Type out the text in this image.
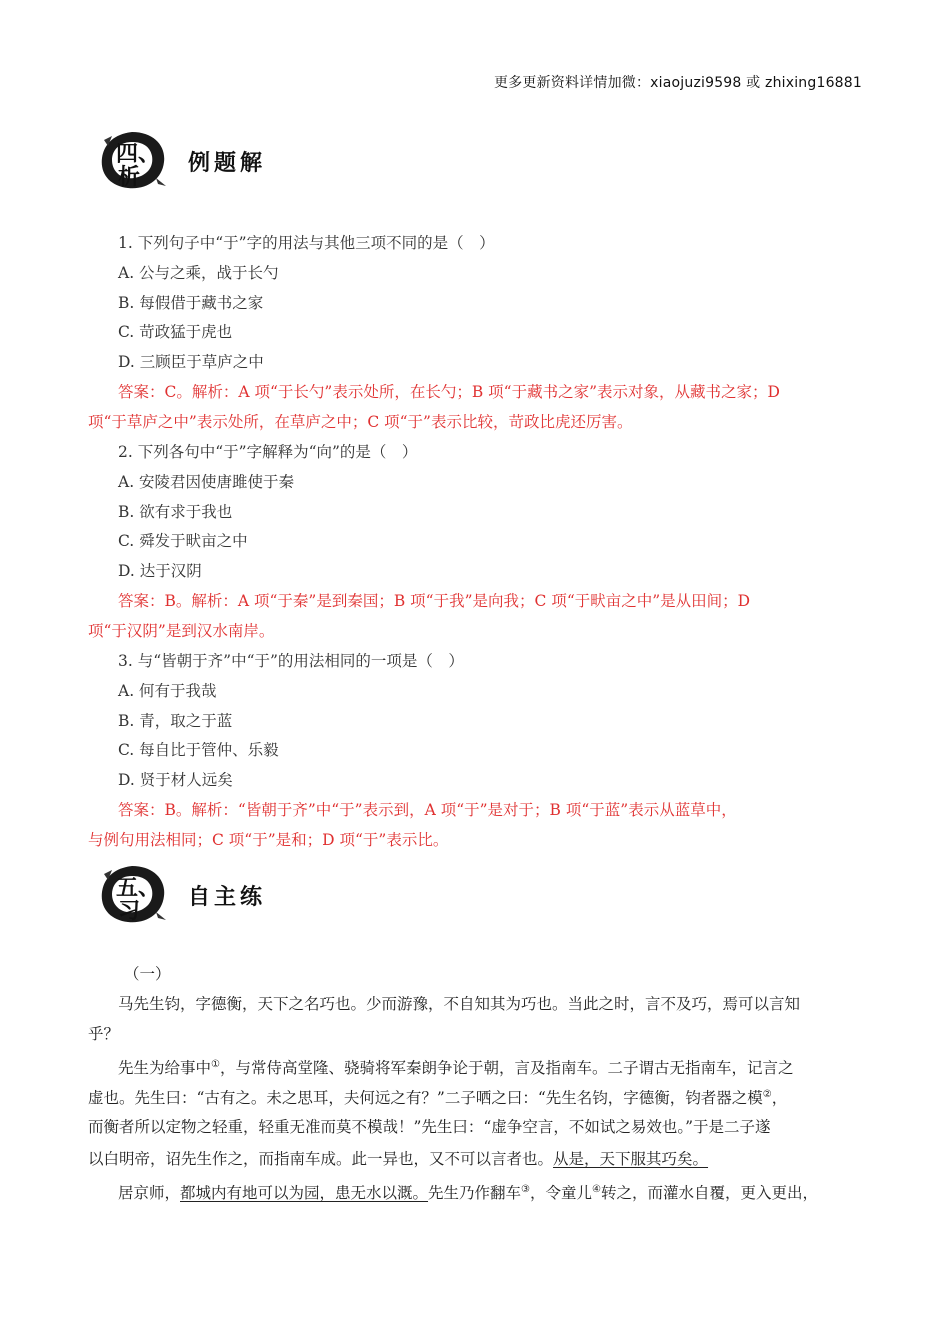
更多更新资料详情加微：xiaojuzi9598 或 zhixing16881
四、
析
例题解
1. 下列句子中“于”字的用法与其他三项不同的是（　）
A. 公与之乘，战于长勺
B. 每假借于藏书之家
C. 苛政猛于虎也
D. 三顾臣于草庐之中
答案：C。解析：A 项“于长勺”表示处所，在长勺；B 项“于藏书之家”表示对象，从藏书之家；D
项“于草庐之中”表示处所，在草庐之中；C 项“于”表示比较，苛政比虎还厉害。
2. 下列各句中“于”字解释为“向”的是（　）
A. 安陵君因使唐雎使于秦
B. 欲有求于我也
C. 舜发于畎亩之中
D. 达于汉阴
答案：B。解析：A 项“于秦”是到秦国；B 项“于我”是向我；C 项“于畎亩之中”是从田间；D
项“于汉阴”是到汉水南岸。
3. 与“皆朝于齐”中“于”的用法相同的一项是（　）
A. 何有于我哉
B. 青，取之于蓝
C. 每自比于管仲、乐毅
D. 贤于材人远矣
答案：B。解析：“皆朝于齐”中“于”表示到，A 项“于”是对于；B 项“于蓝”表示从蓝草中，
与例句用法相同；C 项“于”是和；D 项“于”表示比。
五、
习
自主练
（一）
马先生钧，字德衡，天下之名巧也。少而游豫，不自知其为巧也。当此之时，言不及巧，焉可以言知
乎？
先生为给事中①，与常侍高堂隆、骁骑将军秦朗争论于朝，言及指南车。二子谓古无指南车，记言之
虚也。先生曰：“古有之。未之思耳，夫何远之有？”二子哂之曰：“先生名钧，字德衡，钧者器之模②，
而衡者所以定物之轻重，轻重无准而莫不模哉！”先生曰：“虚争空言，不如试之易效也。”于是二子遂
以白明帝，诏先生作之，而指南车成。此一异也，又不可以言者也。从是，天下服其巧矣。
居京师，都城内有地可以为园，患无水以溉。先生乃作翻车③，令童儿④转之，而灌水自覆，更入更出，
